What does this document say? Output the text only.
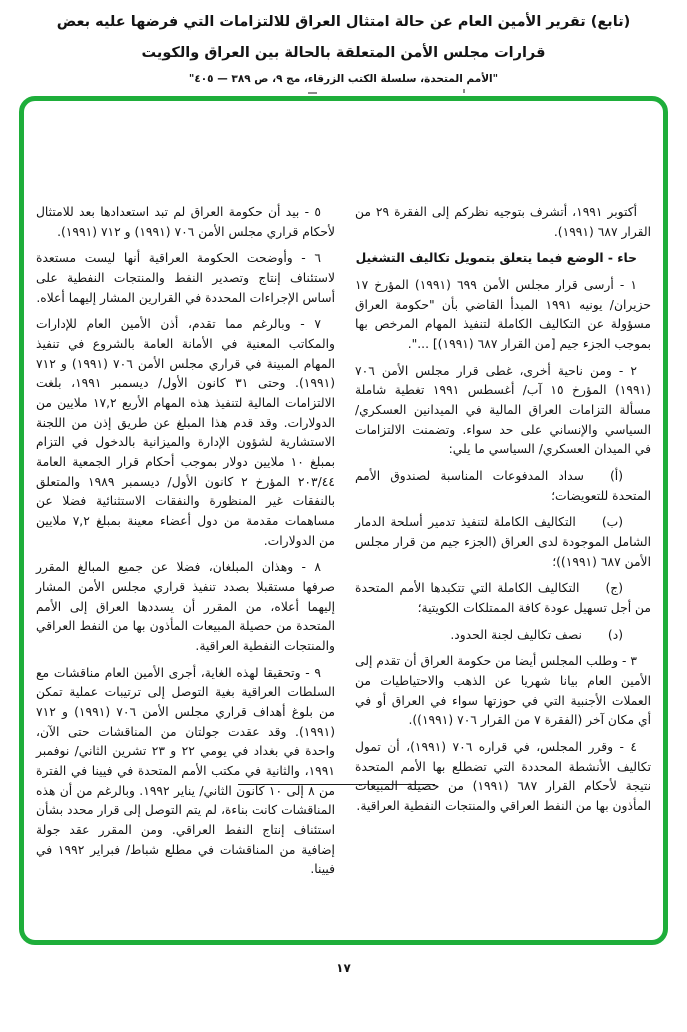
(تابع) تقرير الأمين العام عن حالة امتثال العراق للالتزامات التي فرضها عليه بعض
قرارات مجلس الأمن المتعلقة بالحالة بين العراق والكويت
"الأمم المتحدة، سلسلة الكتب الزرقاء، مج ٩، ص ٣٨٩ — ٤٠٥"

أكتوبر ١٩٩١، أتشرف بتوجيه نظركم إلى الفقرة ٢٩ من القرار ٦٨٧ (١٩٩١).

حاء - الوضع فيما يتعلق بتمويل تكاليف التشغيل

١ - أرسى قرار مجلس الأمن ٦٩٩ (١٩٩١) المؤرخ ١٧ حزيران/ يونيه ١٩٩١ المبدأ القاضي بأن "حكومة العراق مسؤولة عن التكاليف الكاملة لتنفيذ المهام المرخص بها بموجب الجزء جيم [من القرار ٦٨٧ (١٩٩١)] ...".

٢ - ومن ناحية أخرى، غطى قرار مجلس الأمن ٧٠٦ (١٩٩١) المؤرخ ١٥ آب/ أغسطس ١٩٩١ تغطية شاملة مسألة التزامات العراق المالية في الميدانين العسكري/ السياسي والإنساني على حد سواء. وتضمنت الالتزامات في الميدان العسكري/ السياسي ما يلي:

(أ)سداد المدفوعات المناسبة لصندوق الأمم المتحدة للتعويضات؛

(ب)التكاليف الكاملة لتنفيذ تدمير أسلحة الدمار الشامل الموجودة لدى العراق (الجزء جيم من قرار مجلس الأمن ٦٨٧ (١٩٩١))؛

(ج)التكاليف الكاملة التي تتكبدها الأمم المتحدة من أجل تسهيل عودة كافة الممتلكات الكويتية؛

(د)نصف تكاليف لجنة الحدود.

٣ - وطلب المجلس أيضا من حكومة العراق أن تقدم إلى الأمين العام بيانا شهريا عن الذهب والاحتياطيات من العملات الأجنبية التي في حوزتها سواء في العراق أو في أي مكان آخر (الفقرة ٧ من القرار ٧٠٦ (١٩٩١)).

٤ - وقرر المجلس، في قراره ٧٠٦ (١٩٩١)، أن تمول تكاليف الأنشطة المحددة التي تضطلع بها الأمم المتحدة نتيجة لأحكام القرار ٦٨٧ (١٩٩١) من حصيلة المبيعات المأذون بها من النفط العراقي والمنتجات النفطية العراقية.

٥ - بيد أن حكومة العراق لم تبد استعدادها بعد للامتثال لأحكام قراري مجلس الأمن ٧٠٦ (١٩٩١) و ٧١٢ (١٩٩١).

٦ - وأوضحت الحكومة العراقية أنها ليست مستعدة لاستئناف إنتاج وتصدير النفط والمنتجات النفطية على أساس الإجراءات المحددة في القرارين المشار إليهما أعلاه.

٧ - وبالرغم مما تقدم، أذن الأمين العام للإدارات والمكاتب المعنية في الأمانة العامة بالشروع في تنفيذ المهام المبينة في قراري مجلس الأمن ٧٠٦ (١٩٩١) و ٧١٢ (١٩٩١). وحتى ٣١ كانون الأول/ ديسمبر ١٩٩١، بلغت الالتزامات المالية لتنفيذ هذه المهام الأربع ١٧,٢ ملايين من الدولارات. وقد قدم هذا المبلغ عن طريق إذن من اللجنة الاستشارية لشؤون الإدارة والميزانية بالدخول في التزام بمبلغ ١٠ ملايين دولار بموجب أحكام قرار الجمعية العامة ٢٠٣/٤٤ المؤرخ ٢ كانون الأول/ ديسمبر ١٩٨٩ والمتعلق بالنفقات غير المنظورة والنفقات الاستثنائية فضلا عن مساهمات مقدمة من دول أعضاء معينة بمبلغ ٧,٢ ملايين من الدولارات.

٨ - وهذان المبلغان، فضلا عن جميع المبالغ المقرر صرفها مستقبلا بصدد تنفيذ قراري مجلس الأمن المشار إليهما أعلاه، من المقرر أن يسددها العراق إلى الأمم المتحدة من حصيلة المبيعات المأذون بها من النفط العراقي والمنتجات النفطية العراقية.

٩ - وتحقيقا لهذه الغاية، أجرى الأمين العام مناقشات مع السلطات العراقية بغية التوصل إلى ترتيبات عملية تمكن من بلوغ أهداف قراري مجلس الأمن ٧٠٦ (١٩٩١) و ٧١٢ (١٩٩١). وقد عقدت جولتان من المناقشات حتى الآن، واحدة في بغداد في يومي ٢٢ و ٢٣ تشرين الثاني/ نوفمبر ١٩٩١، والثانية في مكتب الأمم المتحدة في فيينا في الفترة من ٨ إلى ١٠ كانون الثاني/ يناير ١٩٩٢. وبالرغم من أن هذه المناقشات كانت بناءة، لم يتم التوصل إلى قرار محدد بشأن استئناف إنتاج النفط العراقي. ومن المقرر عقد جولة إضافية من المناقشات في مطلع شباط/ فبراير ١٩٩٢ في فيينا.

١٧
